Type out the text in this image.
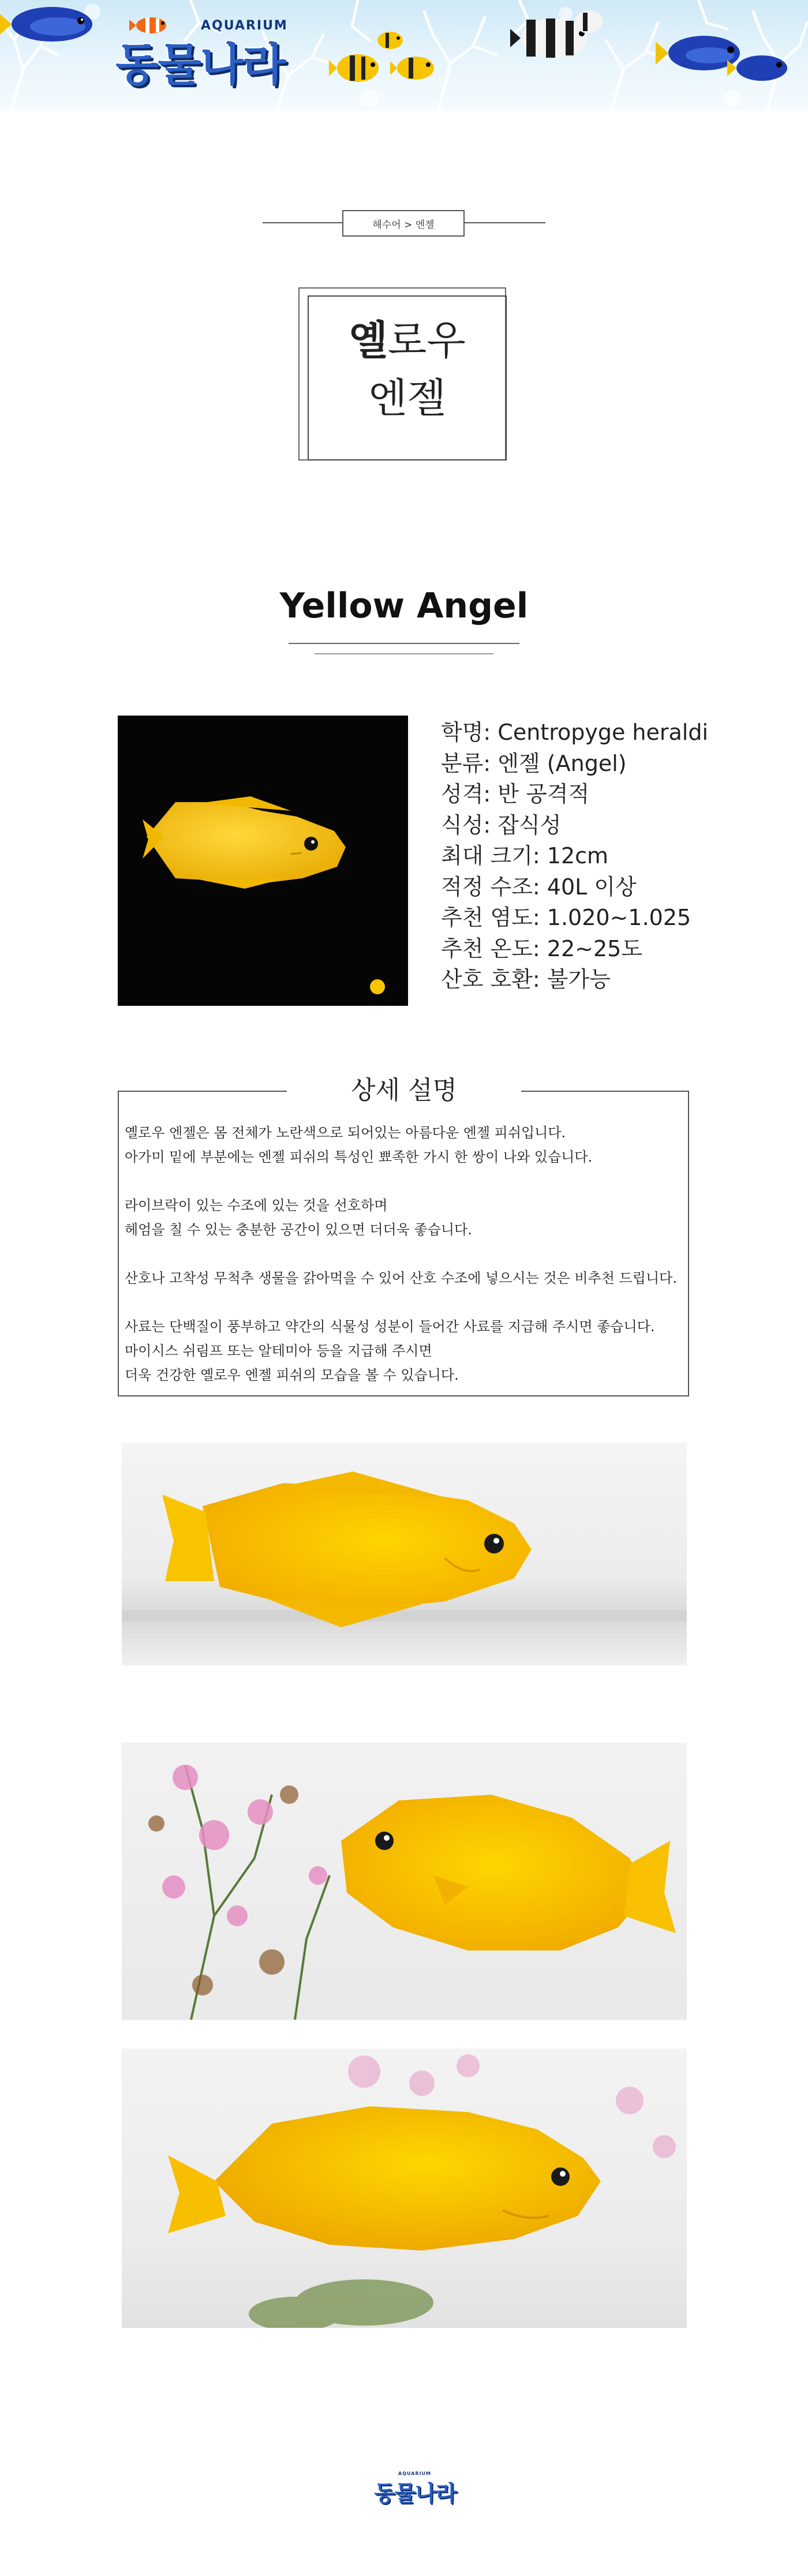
동물나라
AQUARIUM
해수어 > 엔젤
옐로우
엔젤
Yellow Angel
학명: Centropyge heraldi
분류: 엔젤 (Angel)
성격: 반 공격적
식성: 잡식성
최대 크기: 12cm
적정 수조: 40L 이상
추천 염도: 1.020~1.025
추천 온도: 22~25도
산호 호환: 불가능
상세 설명
옐로우 엔젤은 몸 전체가 노란색으로 되어있는 아름다운 엔젤 피쉬입니다.
아가미 밑에 부분에는 엔젤 피쉬의 특성인 뾰족한 가시 한 쌍이 나와 있습니다.
라이브락이 있는 수조에 있는 것을 선호하며
헤엄을 칠 수 있는 충분한 공간이 있으면 더더욱 좋습니다.
산호나 고착성 무척추 생물을 갉아먹을 수 있어 산호 수조에 넣으시는 것은 비추천 드립니다.
사료는 단백질이 풍부하고 약간의 식물성 성분이 들어간 사료를 지급해 주시면 좋습니다.
마이시스 쉬림프 또는 알테미아 등을 지급해 주시면
더욱 건강한 옐로우 엔젤 피쉬의 모습을 볼 수 있습니다.
동물나라
AQUARIUM
